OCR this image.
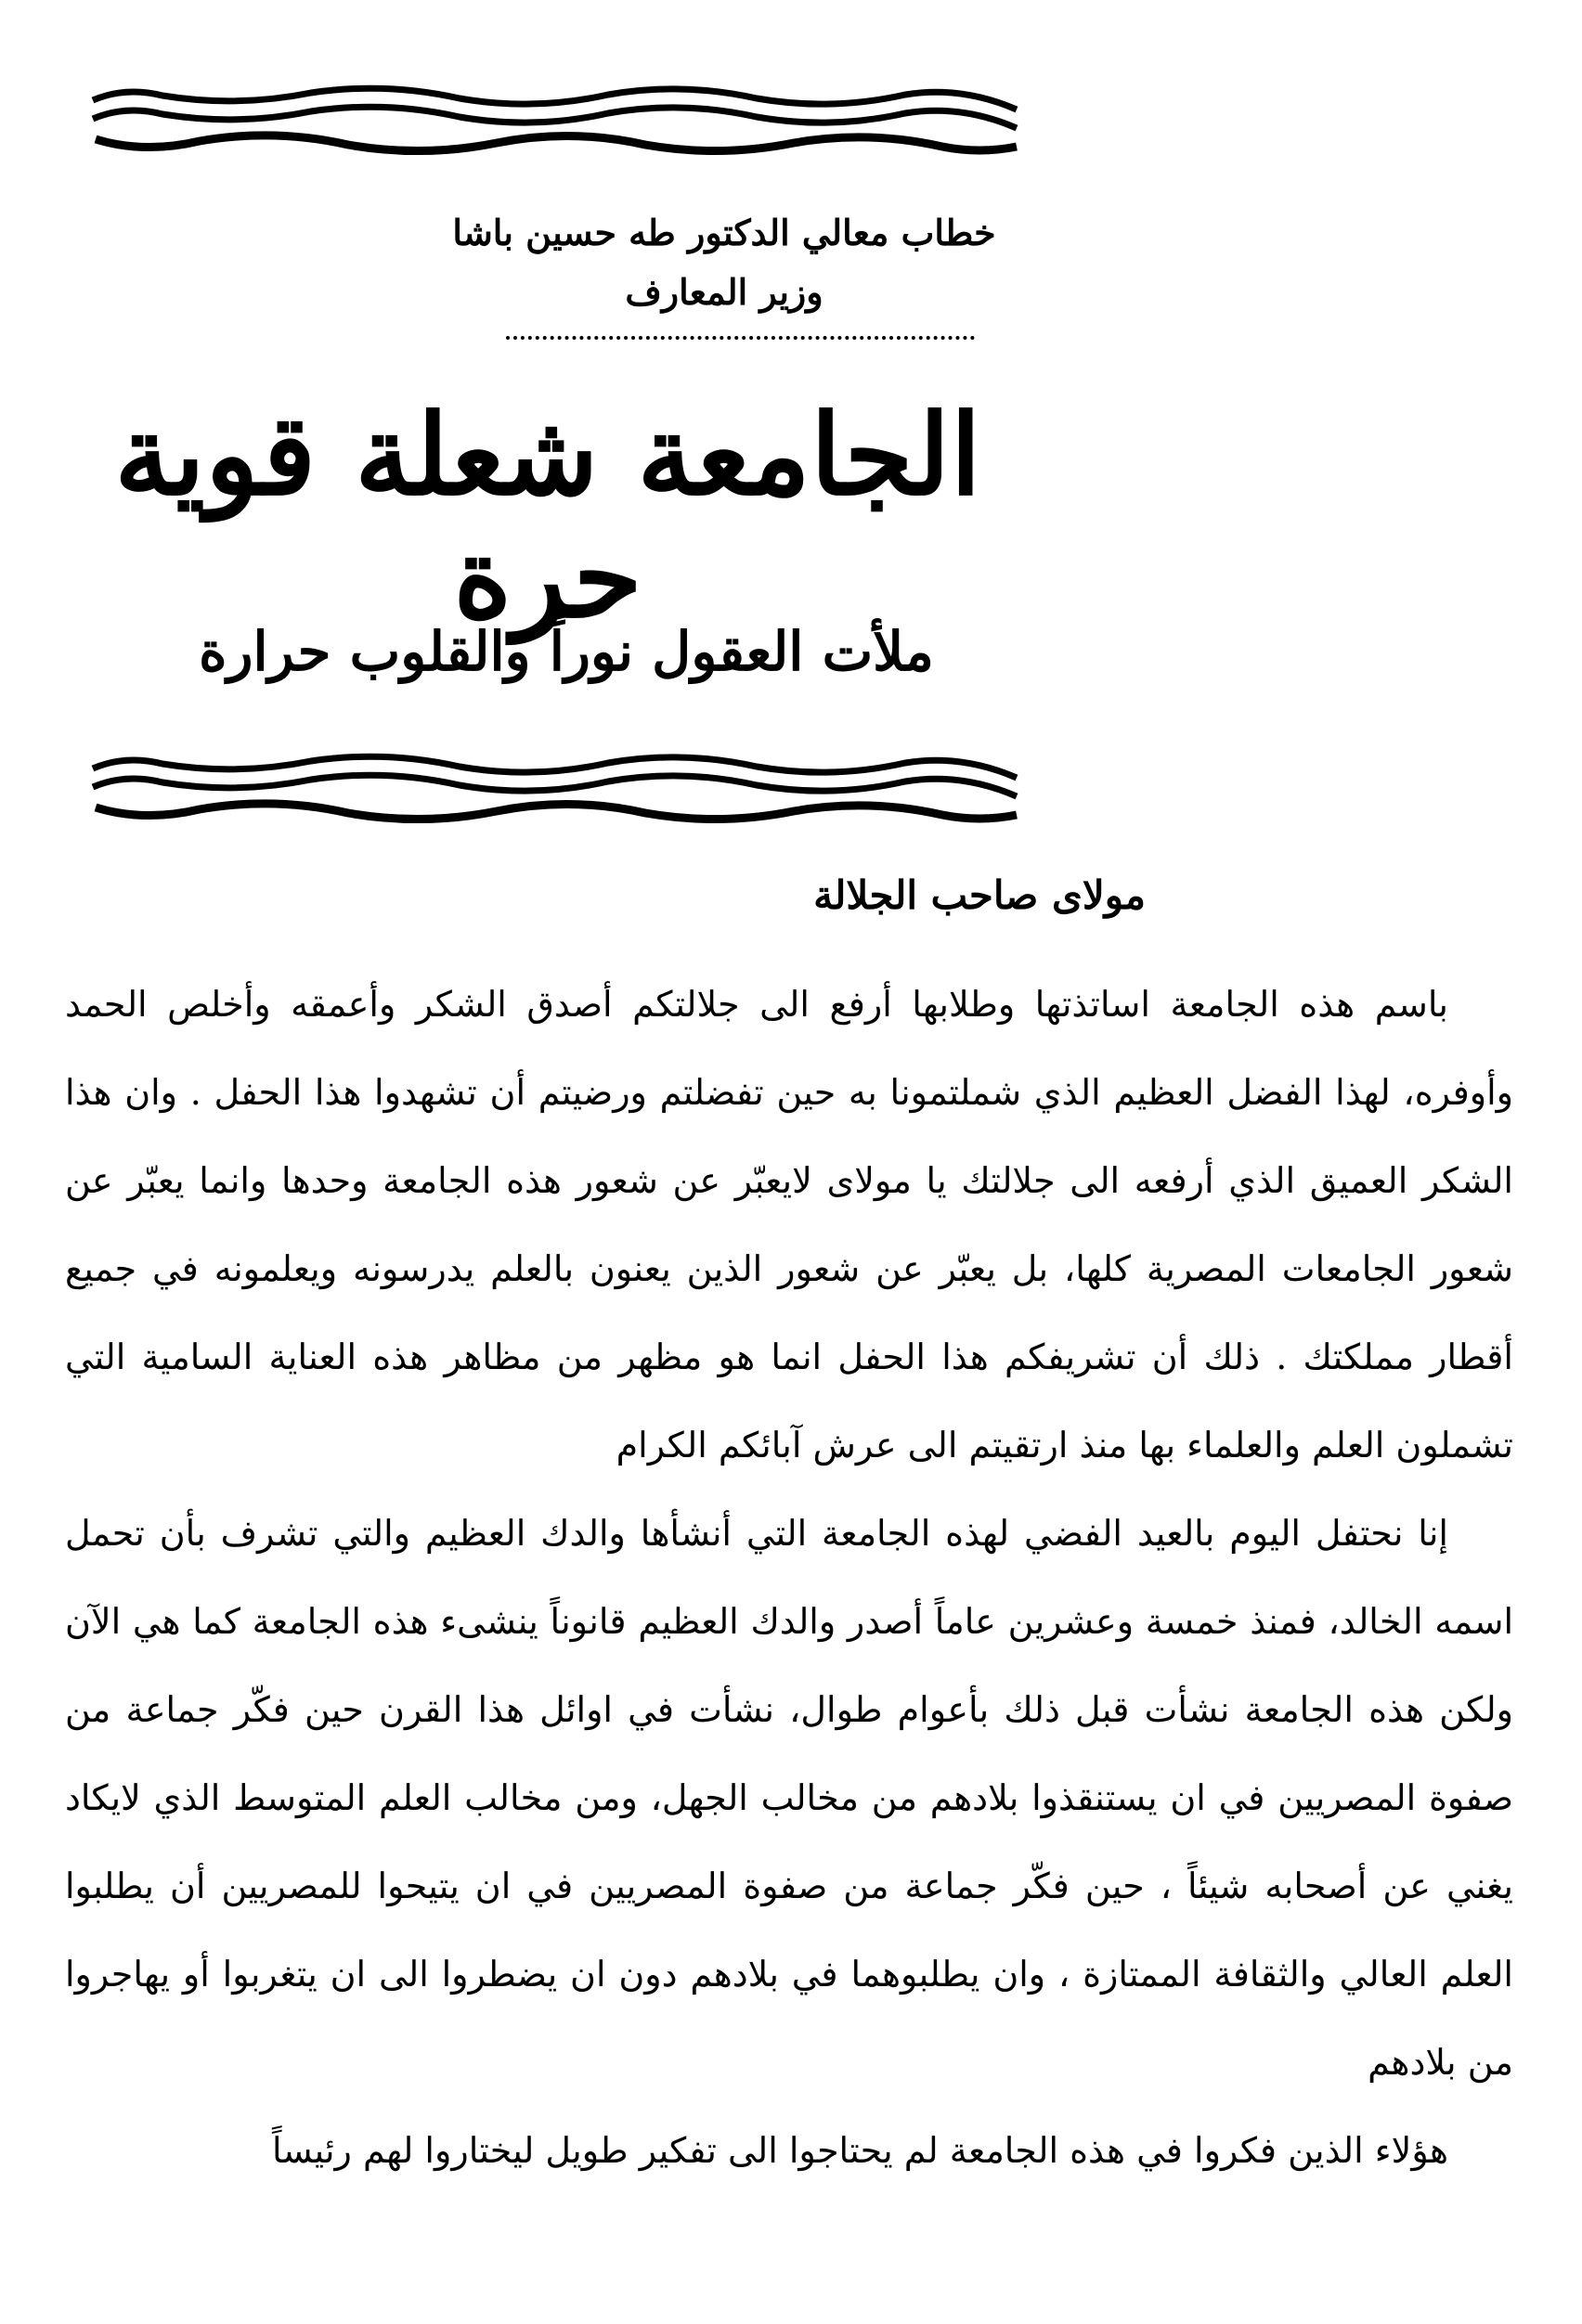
خطاب معالي الدكتور طه حسين باشا
وزير المعارف
الجامعة شعلة قوية حرة
ملأت العقول نوراً والقلوب حرارة
مولاى صاحب الجلالة

باسم هذه الجامعة اساتذتها وطلابها أرفع الى جلالتكم أصدق الشكر وأعمقه وأخلص الحمد وأوفره، لهذا الفضل العظيم الذي شملتمونا به حين تفضلتم ورضيتم أن تشهدوا هذا الحفل . وان هذا الشكر العميق الذي أرفعه الى جلالتك يا مولاى لايعبّر عن شعور هذه الجامعة وحدها وانما يعبّر عن شعور الجامعات المصرية كلها، بل يعبّر عن شعور الذين يعنون بالعلم يدرسونه ويعلمونه في جميع أقطار مملكتك . ذلك أن تشريفكم هذا الحفل انما هو مظهر من مظاهر هذه العناية السامية التي تشملون العلم والعلماء بها منذ ارتقيتم الى عرش آبائكم الكرام

إنا نحتفل اليوم بالعيد الفضي لهذه الجامعة التي أنشأها والدك العظيم والتي تشرف بأن تحمل اسمه الخالد، فمنذ خمسة وعشرين عاماً أصدر والدك العظيم قانوناً ينشىء هذه الجامعة كما هي الآن ولكن هذه الجامعة نشأت قبل ذلك بأعوام طوال، نشأت في اوائل هذا القرن حين فكّر جماعة من صفوة المصريين في ان يستنقذوا بلادهم من مخالب الجهل، ومن مخالب العلم المتوسط الذي لايكاد يغني عن أصحابه شيئاً ، حين فكّر جماعة من صفوة المصريين في ان يتيحوا للمصريين أن يطلبوا العلم العالي والثقافة الممتازة ، وان يطلبوهما في بلادهم دون ان يضطروا الى ان يتغربوا أو يهاجروا من بلادهم

هؤلاء الذين فكروا في هذه الجامعة لم يحتاجوا الى تفكير طويل ليختاروا لهم رئيساً
